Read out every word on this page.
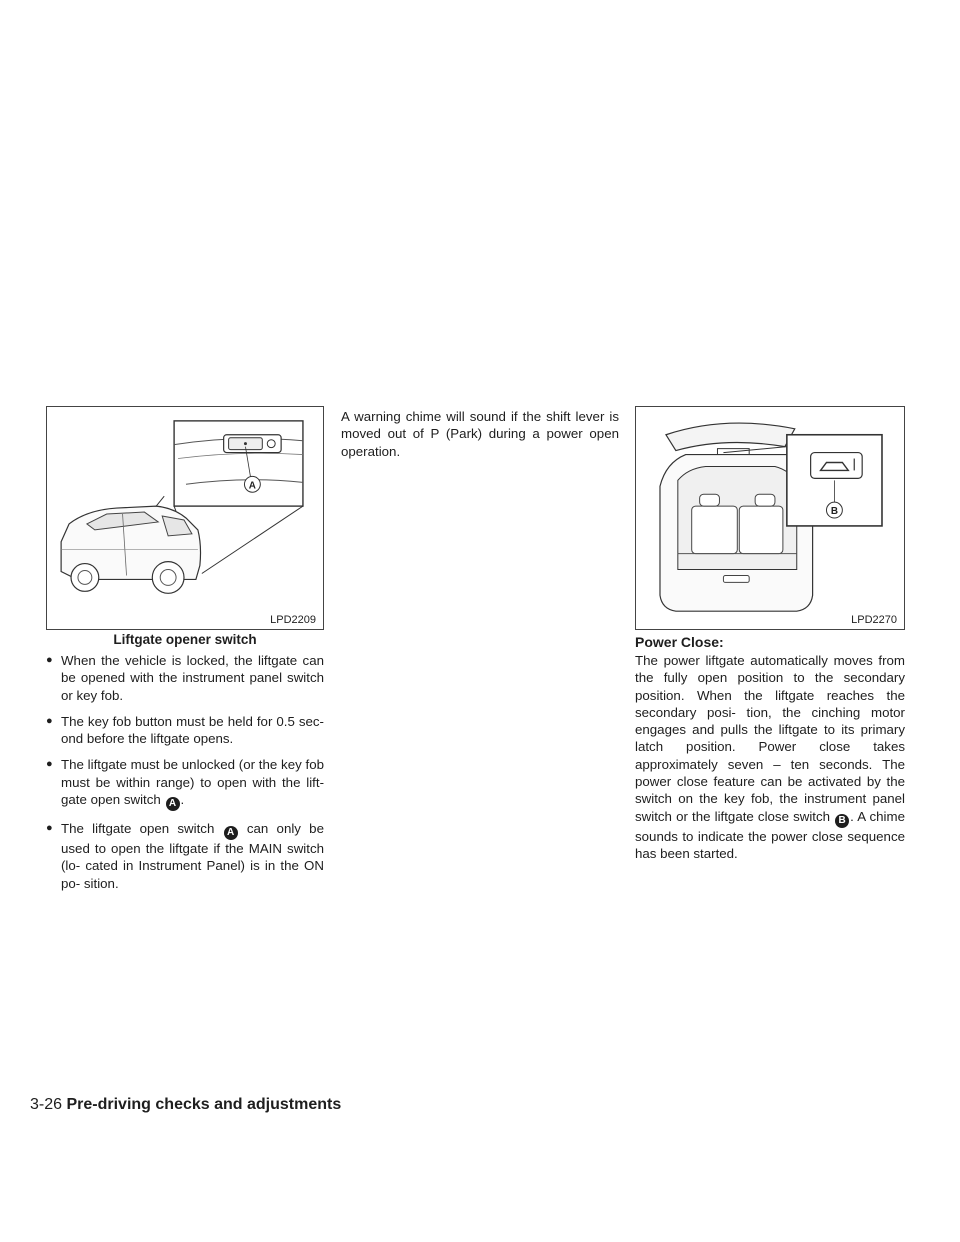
A
LPD2209
Liftgate opener switch
● When the vehicle is locked, the liftgate can be opened with the instrument panel switch or key fob.
● The key fob button must be held for 0.5 sec- ond before the liftgate opens.
● The liftgate must be unlocked (or the key fob must be within range) to open with the lift- gate open switch A .
● The liftgate open switch A can only be used to open the liftgate if the MAIN switch (lo- cated in Instrument Panel) is in the ON po- sition.

A warning chime will sound if the shift lever is moved out of P (Park) during a power open operation.

B
LPD2270
Power Close:

The power liftgate automatically moves from the fully open position to the secondary position. When the liftgate reaches the secondary posi- tion, the cinching motor engages and pulls the liftgate to its primary latch position. Power close takes approximately seven – ten seconds. The power close feature can be activated by the switch on the key fob, the instrument panel switch or the liftgate close switch B . A chime sounds to indicate the power close sequence has been started.

3-26 Pre-driving checks and adjustments
